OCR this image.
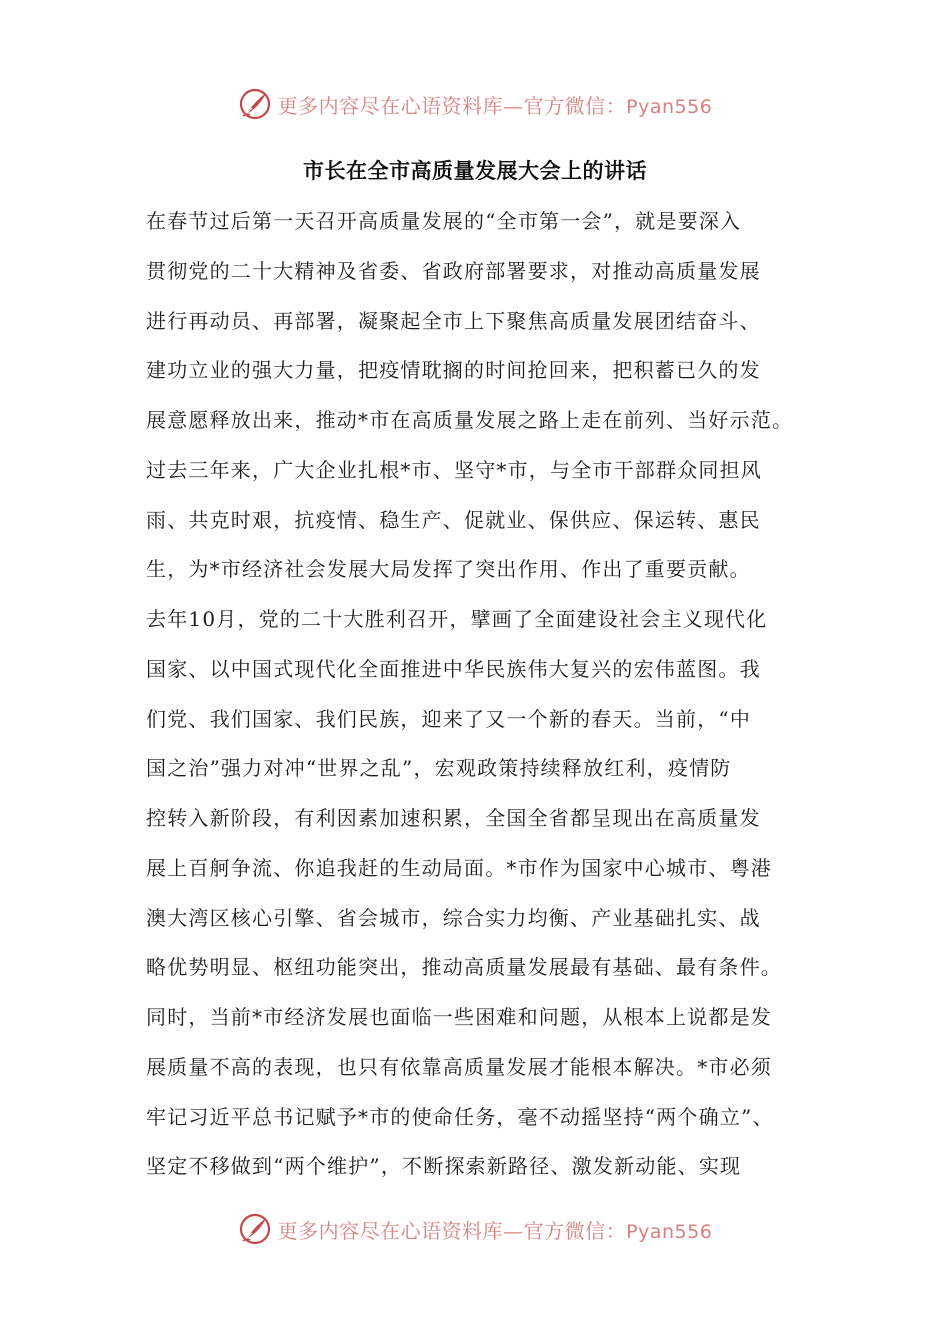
更多内容尽在心语资料库—官方微信：Pyan556
市长在全市高质量发展大会上的讲话
在春节过后第一天召开高质量发展的“全市第一会”，就是要深入
贯彻党的二十大精神及省委、省政府部署要求，对推动高质量发展
进行再动员、再部署，凝聚起全市上下聚焦高质量发展团结奋斗、
建功立业的强大力量，把疫情耽搁的时间抢回来，把积蓄已久的发
展意愿释放出来，推动*市在高质量发展之路上走在前列、当好示范。
过去三年来，广大企业扎根*市、坚守*市，与全市干部群众同担风
雨、共克时艰，抗疫情、稳生产、促就业、保供应、保运转、惠民
生，为*市经济社会发展大局发挥了突出作用、作出了重要贡献。
去年10月，党的二十大胜利召开，擘画了全面建设社会主义现代化
国家、以中国式现代化全面推进中华民族伟大复兴的宏伟蓝图。我
们党、我们国家、我们民族，迎来了又一个新的春天。当前，“中
国之治”强力对冲“世界之乱”，宏观政策持续释放红利，疫情防
控转入新阶段，有利因素加速积累，全国全省都呈现出在高质量发
展上百舸争流、你追我赶的生动局面。*市作为国家中心城市、粤港
澳大湾区核心引擎、省会城市，综合实力均衡、产业基础扎实、战
略优势明显、枢纽功能突出，推动高质量发展最有基础、最有条件。
同时，当前*市经济发展也面临一些困难和问题，从根本上说都是发
展质量不高的表现，也只有依靠高质量发展才能根本解决。*市必须
牢记习近平总书记赋予*市的使命任务，毫不动摇坚持“两个确立”、
坚定不移做到“两个维护”，不断探索新路径、激发新动能、实现
更多内容尽在心语资料库—官方微信：Pyan556
